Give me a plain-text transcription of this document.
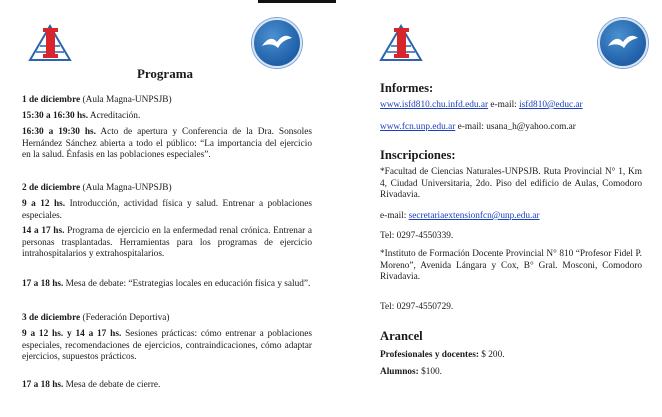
Programa
1 de diciembre (Aula Magna-UNPSJB)
15:30 a 16:30 hs. Acreditación.
16:30 a 19:30 hs. Acto de apertura y Conferencia de la Dra. Sonsoles Hernández Sánchez abierta a todo el público: “La importancia del ejercicio en la salud. Énfasis en las poblaciones especiales”.
2 de diciembre (Aula Magna-UNPSJB)
9 a 12 hs. Introducción, actividad física y salud. Entrenar a poblaciones especiales.
14 a 17 hs. Programa de ejercicio en la enfermedad renal crónica. Entrenar a personas trasplantadas. Herramientas para los programas de ejercicio intrahospitalarios y extrahospitalarios.
17 a 18 hs. Mesa de debate: “Estrategias locales en educación física y salud”.
3 de diciembre (Federación Deportiva)
9 a 12 hs. y 14 a 17 hs. Sesiones prácticas: cómo entrenar a poblaciones especiales, recomendaciones de ejercicios, contraindicaciones, cómo adaptar ejercicios, supuestos prácticos.
17 a 18 hs. Mesa de debate de cierre.
Informes:
www.isfd810.chu.infd.edu.ar e-mail: isfd810@educ.ar
www.fcn.unp.edu.ar e-mail: usana_h@yahoo.com.ar
Inscripciones:
*Facultad de Ciencias Naturales-UNPSJB. Ruta Provincial N° 1, Km 4, Ciudad Universitaria, 2do. Piso del edificio de Aulas, Comodoro Rivadavia.
e-mail: secretariaextensionfcn@unp.edu.ar
Tel: 0297-4550339.
*Instituto de Formación Docente Provincial N° 810 “Profesor Fidel P. Moreno”, Avenida Lángara y Cox, B° Gral. Mosconi, Comodoro Rivadavia.
Tel: 0297-4550729.
Arancel
Profesionales y docentes: $ 200.
Alumnos: $100.
